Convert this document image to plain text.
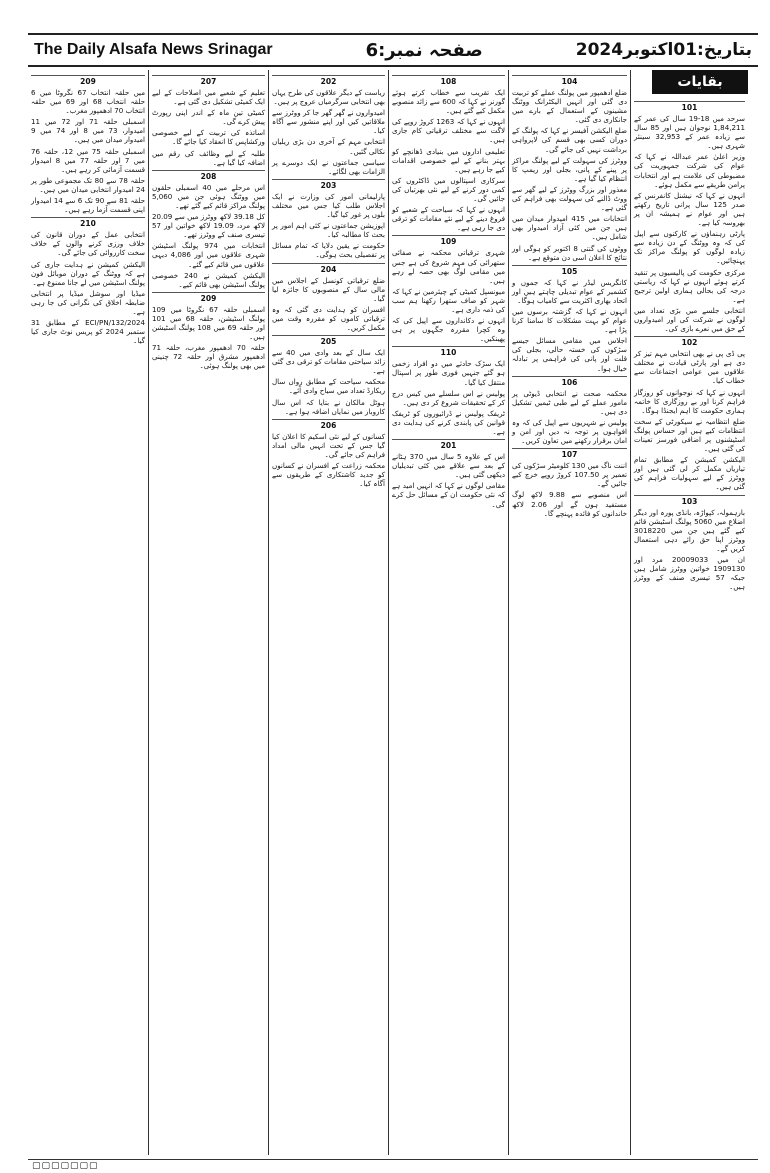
The Daily Alsafa News Srinagar	صفحہ نمبر:6	بتاریخ:01اکتوبر2024
بقایات
209

میں حلقہ انتخاب 67 نگروٹا میں 6 حلقہ انتخاب 68 اور 69 میں حلقہ انتخاب 70 ادھمپور مغرب۔

اسمبلی حلقہ 71 اور 72 میں 11 امیدوار، 73 میں 8 اور 74 میں 9 امیدوار میدان میں ہیں۔

اسمبلی حلقہ 75 میں 12، حلقہ 76 میں 7 اور حلقہ 77 میں 8 امیدوار قسمت آزمائی کر رہے ہیں۔

حلقہ 78 سے 80 تک مجموعی طور پر 24 امیدوار انتخابی میدان میں ہیں۔

حلقہ 81 سے 90 تک 6 سے 14 امیدوار اپنی قسمت آزما رہے ہیں۔

210

انتخابی عمل کے دوران قانون کی خلاف ورزی کرنے والوں کے خلاف سخت کارروائی کی جائے گی۔

الیکشن کمیشن نے ہدایت جاری کی ہے کہ ووٹنگ کے دوران موبائل فون پولنگ اسٹیشن میں لے جانا ممنوع ہے۔

میڈیا اور سوشل میڈیا پر انتخابی ضابطہ اخلاق کی نگرانی کی جا رہی ہے۔

ECI/PN/132/2024 کے مطابق 31 ستمبر 2024 کو پریس نوٹ جاری کیا گیا۔

207

تعلیم کے شعبے میں اصلاحات کے لیے ایک کمیٹی تشکیل دی گئی ہے۔

کمیٹی تین ماہ کے اندر اپنی رپورٹ پیش کرے گی۔

اساتذہ کی تربیت کے لیے خصوصی ورکشاپس کا انعقاد کیا جائے گا۔

طلبہ کے لیے وظائف کی رقم میں اضافہ کیا گیا ہے۔

208

اس مرحلے میں 40 اسمبلی حلقوں میں ووٹنگ ہوئی جن میں 5,060 پولنگ مراکز قائم کیے گئے تھے۔

کل 39.18 لاکھ ووٹرز میں سے 20.09 لاکھ مرد، 19.09 لاکھ خواتین اور 57 تیسری صنف کے ووٹرز تھے۔

انتخابات میں 974 پولنگ اسٹیشن شہری علاقوں میں اور 4,086 دیہی علاقوں میں قائم کیے گئے۔

الیکشن کمیشن نے 240 خصوصی پولنگ اسٹیشن بھی قائم کیے۔

209

اسمبلی حلقہ 67 نگروٹا میں 109 پولنگ اسٹیشن، حلقہ 68 میں 101 اور حلقہ 69 میں 108 پولنگ اسٹیشن ہیں۔

حلقہ 70 ادھمپور مغرب، حلقہ 71 ادھمپور مشرق اور حلقہ 72 چنینی میں بھی پولنگ ہوئی۔

202

ریاست کے دیگر علاقوں کی طرح یہاں بھی انتخابی سرگرمیاں عروج پر ہیں۔

امیدواروں نے گھر گھر جا کر ووٹرز سے ملاقاتیں کیں اور اپنے منشور سے آگاہ کیا۔

انتخابی مہم کے آخری دن بڑی ریلیاں نکالی گئیں۔

سیاسی جماعتوں نے ایک دوسرے پر الزامات بھی لگائے۔

203

پارلیمانی امور کی وزارت نے ایک اجلاس طلب کیا جس میں مختلف بلوں پر غور کیا گیا۔

اپوزیشن جماعتوں نے کئی اہم امور پر بحث کا مطالبہ کیا۔

حکومت نے یقین دلایا کہ تمام مسائل پر تفصیلی بحث ہوگی۔

204

ضلع ترقیاتی کونسل کے اجلاس میں مالی سال کے منصوبوں کا جائزہ لیا گیا۔

افسران کو ہدایت دی گئی کہ وہ ترقیاتی کاموں کو مقررہ وقت میں مکمل کریں۔

205

ایک سال کے بعد وادی میں 40 سے زائد سیاحتی مقامات کو ترقی دی گئی ہے۔

محکمہ سیاحت کے مطابق رواں سال ریکارڈ تعداد میں سیاح وادی آئے۔

ہوٹل مالکان نے بتایا کہ اس سال کاروبار میں نمایاں اضافہ ہوا ہے۔

206

کسانوں کے لیے نئی اسکیم کا اعلان کیا گیا جس کے تحت انہیں مالی امداد فراہم کی جائے گی۔

محکمہ زراعت کے افسران نے کسانوں کو جدید کاشتکاری کے طریقوں سے آگاہ کیا۔

108

ایک تقریب سے خطاب کرتے ہوئے گورنر نے کہا کہ 600 سے زائد منصوبے مکمل کیے گئے ہیں۔

انہوں نے کہا کہ 1263 کروڑ روپے کی لاگت سے مختلف ترقیاتی کام جاری ہیں۔

تعلیمی اداروں میں بنیادی ڈھانچے کو بہتر بنانے کے لیے خصوصی اقدامات کیے جا رہے ہیں۔

سرکاری اسپتالوں میں ڈاکٹروں کی کمی دور کرنے کے لیے نئی بھرتیاں کی جائیں گی۔

انہوں نے کہا کہ سیاحت کے شعبے کو فروغ دینے کے لیے نئے مقامات کو ترقی دی جا رہی ہے۔

109

شہری ترقیاتی محکمہ نے صفائی ستھرائی کی مہم شروع کی ہے جس میں مقامی لوگ بھی حصہ لے رہے ہیں۔

میونسپل کمیٹی کے چیئرمین نے کہا کہ شہر کو صاف ستھرا رکھنا ہم سب کی ذمہ داری ہے۔

انہوں نے دکانداروں سے اپیل کی کہ وہ کچرا مقررہ جگہوں پر ہی پھینکیں۔

110

ایک سڑک حادثے میں دو افراد زخمی ہو گئے جنہیں فوری طور پر اسپتال منتقل کیا گیا۔

پولیس نے اس سلسلے میں کیس درج کر کے تحقیقات شروع کر دی ہیں۔

ٹریفک پولیس نے ڈرائیوروں کو ٹریفک قوانین کی پابندی کرنے کی ہدایت دی ہے۔

201

اس کے علاوہ 5 سال میں 370 ہٹانے کے بعد سے علاقے میں کئی تبدیلیاں دیکھی گئی ہیں۔

مقامی لوگوں نے کہا کہ انہیں امید ہے کہ نئی حکومت ان کے مسائل حل کرے گی۔

104

ضلع ادھمپور میں پولنگ عملے کو تربیت دی گئی اور انہیں الیکٹرانک ووٹنگ مشینوں کے استعمال کے بارے میں جانکاری دی گئی۔

ضلع الیکشن آفیسر نے کہا کہ پولنگ کے دوران کسی بھی قسم کی لاپرواہی برداشت نہیں کی جائے گی۔

ووٹرز کی سہولت کے لیے پولنگ مراکز پر پینے کے پانی، بجلی اور ریمپ کا انتظام کیا گیا ہے۔

معذور اور بزرگ ووٹرز کے لیے گھر سے ووٹ ڈالنے کی سہولت بھی فراہم کی گئی ہے۔

انتخابات میں 415 امیدوار میدان میں ہیں جن میں کئی آزاد امیدوار بھی شامل ہیں۔

ووٹوں کی گنتی 8 اکتوبر کو ہوگی اور نتائج کا اعلان اسی دن متوقع ہے۔

105

کانگریس لیڈر نے کہا کہ جموں و کشمیر کے عوام تبدیلی چاہتے ہیں اور اتحاد بھاری اکثریت سے کامیاب ہوگا۔

انہوں نے کہا کہ گزشتہ برسوں میں عوام کو بہت مشکلات کا سامنا کرنا پڑا ہے۔

اجلاس میں مقامی مسائل جیسے سڑکوں کی خستہ حالی، بجلی کی قلت اور پانی کی فراہمی پر تبادلہ خیال ہوا۔

106

محکمہ صحت نے انتخابی ڈیوٹی پر مامور عملے کے لیے طبی ٹیمیں تشکیل دی ہیں۔

پولیس نے شہریوں سے اپیل کی کہ وہ افواہوں پر توجہ نہ دیں اور امن و امان برقرار رکھنے میں تعاون کریں۔

107

اننت ناگ میں 130 کلومیٹر سڑکوں کی تعمیر پر 107.50 کروڑ روپے خرچ کیے جائیں گے۔

اس منصوبے سے 9.88 لاکھ لوگ مستفید ہوں گے اور 2.06 لاکھ خاندانوں کو فائدہ پہنچے گا۔

101

سرحد میں 18-19 سال کی عمر کے 1,84,211 نوجوان ہیں اور 85 سال سے زیادہ عمر کے 32,953 سینئر شہری ہیں۔

وزیر اعلیٰ عمر عبداللہ نے کہا کہ عوام کی شرکت جمہوریت کی مضبوطی کی علامت ہے اور انتخابات پرامن طریقے سے مکمل ہوئے۔

انہوں نے کہا کہ نیشنل کانفرنس کے صدر 125 سال پرانی تاریخ رکھتے ہیں اور عوام نے ہمیشہ ان پر بھروسہ کیا ہے۔

پارٹی رہنماؤں نے کارکنوں سے اپیل کی کہ وہ ووٹنگ کے دن زیادہ سے زیادہ لوگوں کو پولنگ مراکز تک پہنچائیں۔

مرکزی حکومت کی پالیسیوں پر تنقید کرتے ہوئے انہوں نے کہا کہ ریاستی درجہ کی بحالی ہماری اولین ترجیح ہے۔

انتخابی جلسے میں بڑی تعداد میں لوگوں نے شرکت کی اور امیدواروں کے حق میں نعرے بازی کی۔

102

پی ڈی پی نے بھی انتخابی مہم تیز کر دی ہے اور پارٹی قیادت نے مختلف علاقوں میں عوامی اجتماعات سے خطاب کیا۔

انہوں نے کہا کہ نوجوانوں کو روزگار فراہم کرنا اور بے روزگاری کا خاتمہ ہماری حکومت کا اہم ایجنڈا ہوگا۔

ضلع انتظامیہ نے سیکورٹی کے سخت انتظامات کیے ہیں اور حساس پولنگ اسٹیشنوں پر اضافی فورسز تعینات کی گئی ہیں۔

الیکشن کمیشن کے مطابق تمام تیاریاں مکمل کر لی گئی ہیں اور ووٹرز کے لیے سہولیات فراہم کی گئی ہیں۔

103

بارہمولہ، کپواڑہ، بانڈی پورہ اور دیگر اضلاع میں 5060 پولنگ اسٹیشن قائم کیے گئے ہیں جن میں 3018220 ووٹرز اپنا حق رائے دہی استعمال کریں گے۔

ان میں 20009033 مرد اور 1909130 خواتین ووٹرز شامل ہیں جبکہ 57 تیسری صنف کے ووٹرز ہیں۔

▢▢▢▢▢▢▢
